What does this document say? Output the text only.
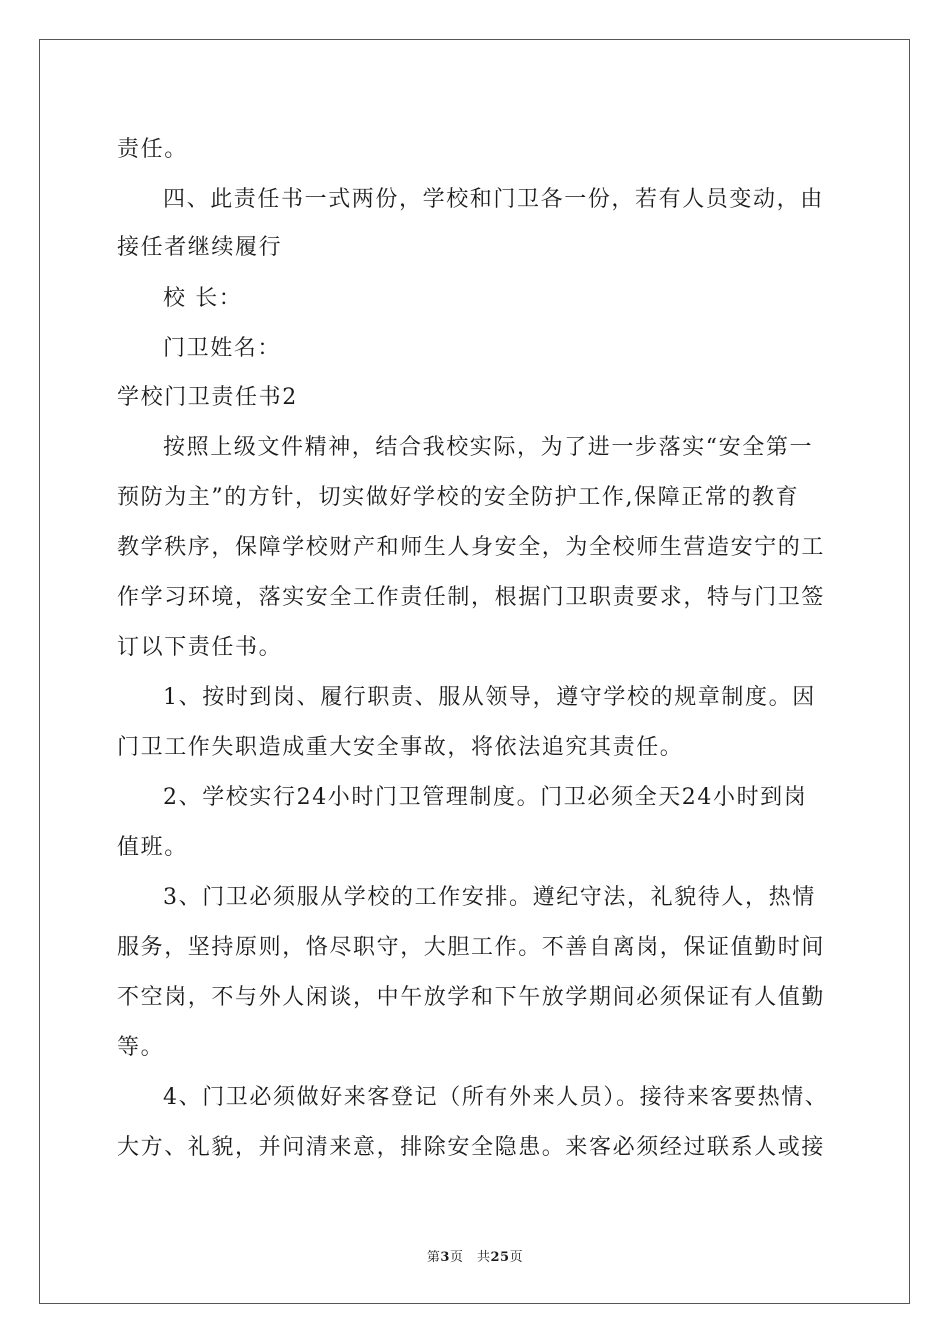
责任。

四、此责任书一式两份，学校和门卫各一份，若有人员变动，由

接任者继续履行

校 长：

门卫姓名：

学校门卫责任书2

按照上级文件精神，结合我校实际，为了进一步落实“安全第一

预防为主”的方针，切实做好学校的安全防护工作,保障正常的教育

教学秩序，保障学校财产和师生人身安全，为全校师生营造安宁的工

作学习环境，落实安全工作责任制，根据门卫职责要求，特与门卫签

订以下责任书。

1、按时到岗、履行职责、服从领导，遵守学校的规章制度。因

门卫工作失职造成重大安全事故，将依法追究其责任。

2、学校实行24小时门卫管理制度。门卫必须全天24小时到岗

值班。

3、门卫必须服从学校的工作安排。遵纪守法，礼貌待人，热情

服务，坚持原则，恪尽职守，大胆工作。不善自离岗，保证值勤时间

不空岗，不与外人闲谈，中午放学和下午放学期间必须保证有人值勤

等。

4、门卫必须做好来客登记（所有外来人员）。接待来客要热情、

大方、礼貌，并问清来意，排除安全隐患。来客必须经过联系人或接

第3页　共25页
